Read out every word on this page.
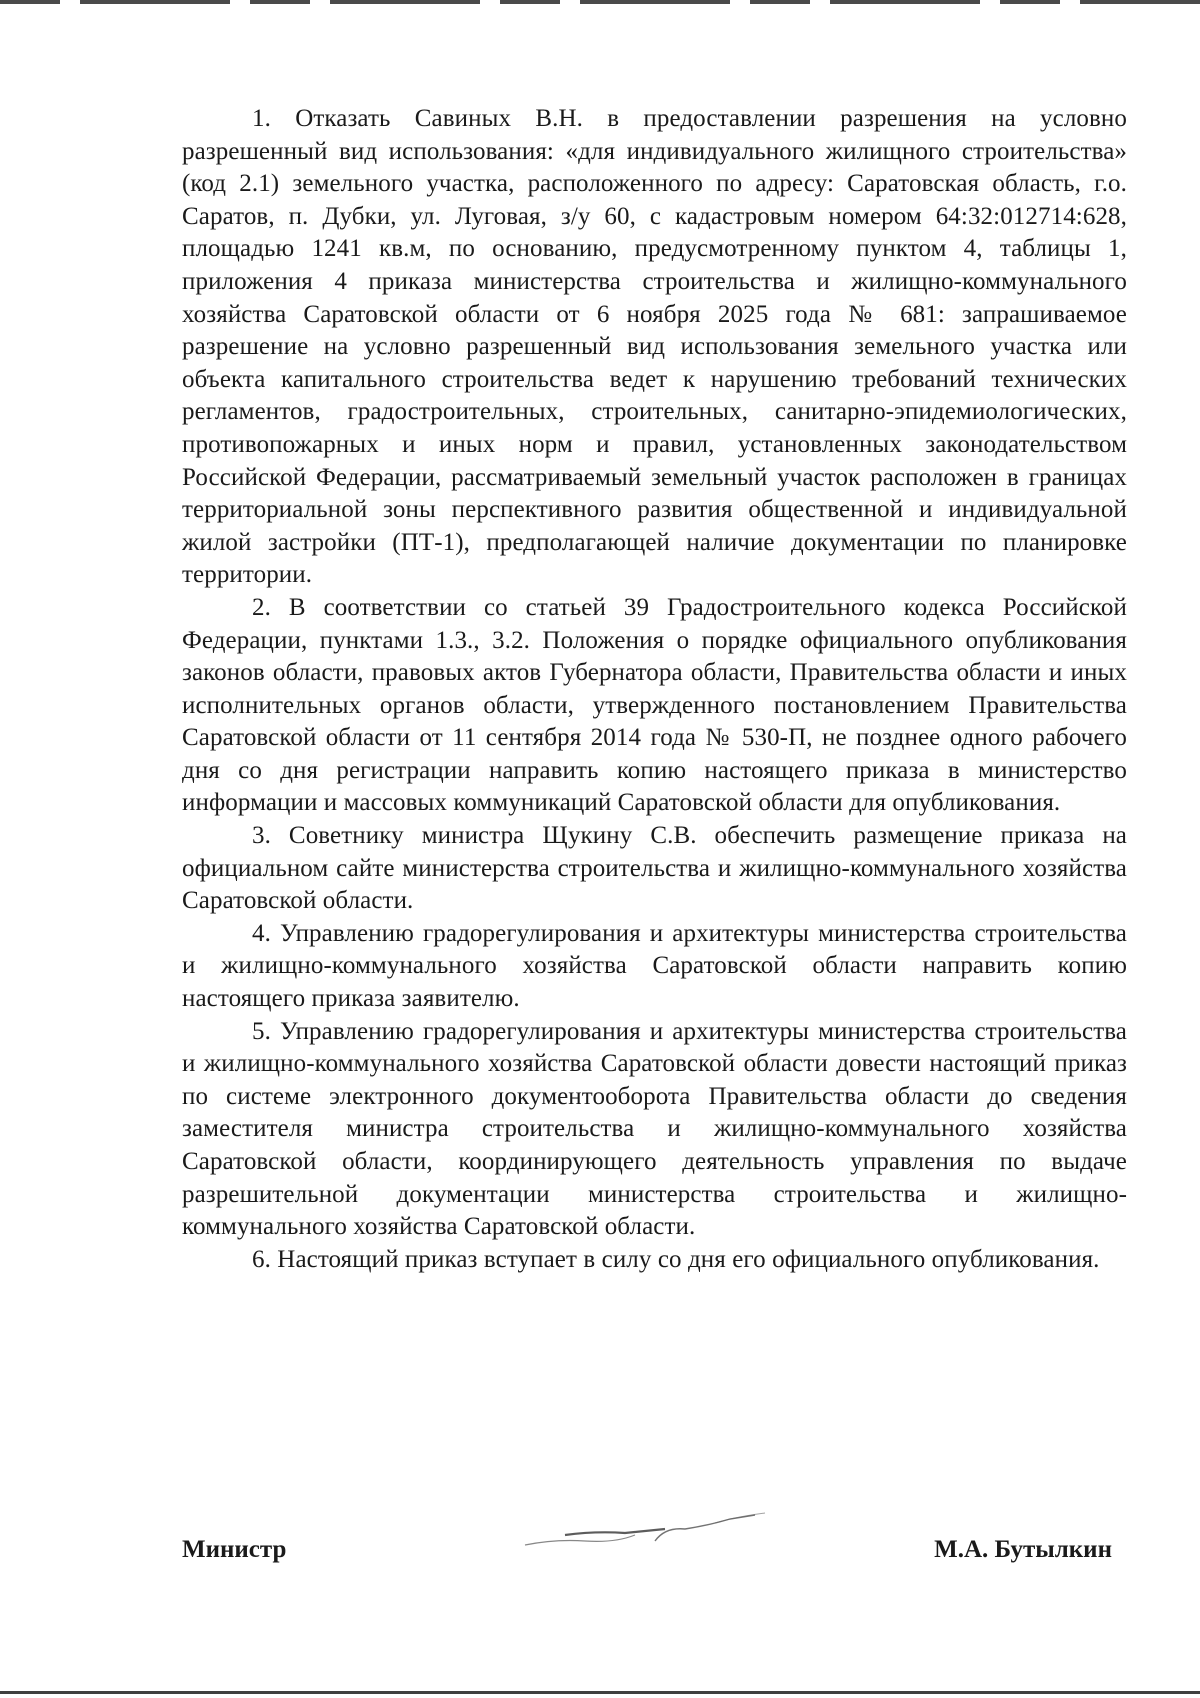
1. Отказать Савиных В.Н. в предоставлении разрешения на условно разрешенный вид использования: «для индивидуального жилищного строительства» (код 2.1) земельного участка, расположенного по адресу: Саратовская область, г.о. Саратов, п. Дубки, ул. Луговая, з/у 60, с кадастровым номером 64:32:012714:628, площадью 1241 кв.м, по основанию, предусмотренному пунктом 4, таблицы 1, приложения 4 приказа министерства строительства и жилищно-коммунального хозяйства Саратовской области от 6 ноября 2025 года № 681: запрашиваемое разрешение на условно разрешенный вид использования земельного участка или объекта капитального строительства ведет к нарушению требований технических регламентов, градостроительных, строительных, санитарно-эпидемиологических, противопожарных и иных норм и правил, установленных законодательством Российской Федерации, рассматриваемый земельный участок расположен в границах территориальной зоны перспективного развития общественной и индивидуальной жилой застройки (ПТ-1), предполагающей наличие документации по планировке территории.

2. В соответствии со статьей 39 Градостроительного кодекса Российской Федерации, пунктами 1.3., 3.2. Положения о порядке официального опубликования законов области, правовых актов Губернатора области, Правительства области и иных исполнительных органов области, утвержденного постановлением Правительства Саратовской области от 11 сентября 2014 года № 530-П, не позднее одного рабочего дня со дня регистрации направить копию настоящего приказа в министерство информации и массовых коммуникаций Саратовской области для опубликования.

3. Советнику министра Щукину С.В. обеспечить размещение приказа на официальном сайте министерства строительства и жилищно-коммунального хозяйства Саратовской области.

4. Управлению градорегулирования и архитектуры министерства строительства и жилищно-коммунального хозяйства Саратовской области направить копию настоящего приказа заявителю.

5. Управлению градорегулирования и архитектуры министерства строительства и жилищно-коммунального хозяйства Саратовской области довести настоящий приказ по системе электронного документооборота Правительства области до сведения заместителя министра строительства и жилищно-коммунального хозяйства Саратовской области, координирующего деятельность управления по выдаче разрешительной документации министерства строительства и жилищно-коммунального хозяйства Саратовской области.

6. Настоящий приказ вступает в силу со дня его официального опубликования.

Министр	М.А. Бутылкин
